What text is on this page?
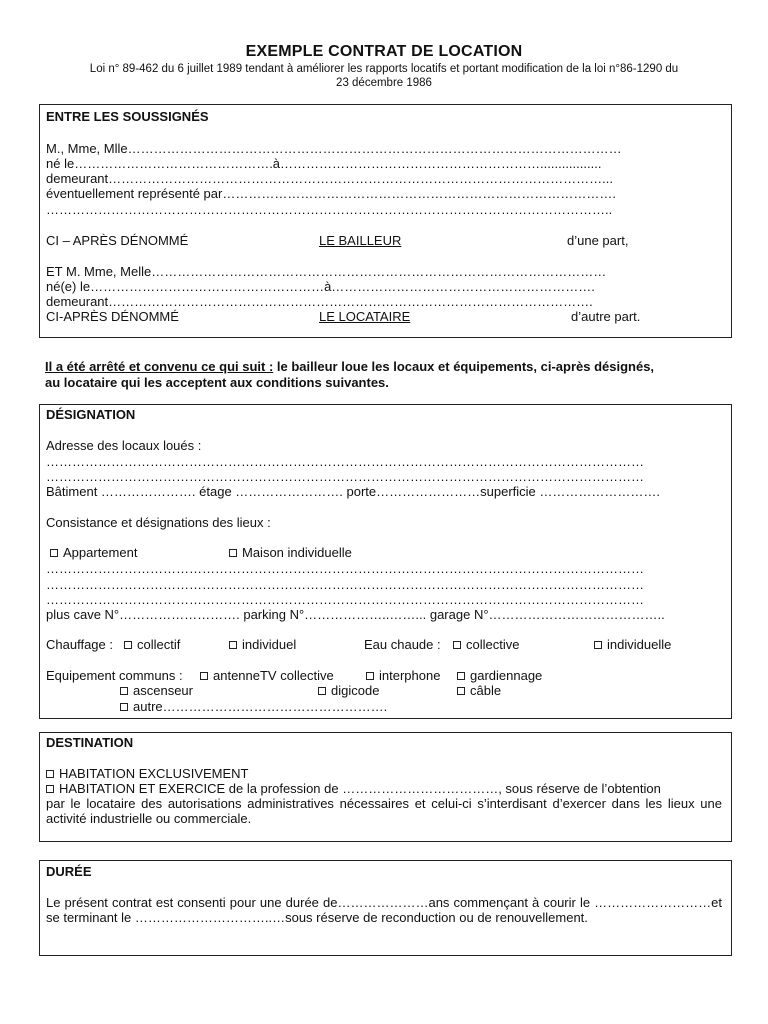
EXEMPLE CONTRAT DE LOCATION
Loi n° 89-462 du 6 juillet 1989 tendant à améliorer les rapports locatifs et portant modification de la loi n°86-1290 du
23 décembre 1986
ENTRE LES SOUSSIGNÉS
M., Mme, Mlle……………………………………………………………………………………………………
né le……………………………………….à…………………………………………………….................
demeurant……………………………………………………………………………………………………...
éventuellement représenté par……………………………………………………………………………….
…………………………………………………………………………………………………………………..
CI – APRÈS DÉNOMMÉ	LE BAILLEUR	d’une part,
ET M. Mme, Melle……………………………………………………………………………………………
né(e) le………………………………………………à…………………………………………………….
demeurant………………………………………………………………………………………………….
CI-APRÈS DÉNOMMÉ	LE LOCATAIRE	d’autre part.
Il a été arrêté et convenu ce qui suit : le bailleur loue les locaux et équipements, ci-après désignés,
au locataire qui les acceptent aux conditions suivantes.
DÉSIGNATION
Adresse des locaux loués :
…………………………………………………………………………………………………………………………
…………………………………………………………………………………………………………………………
Bâtiment …………………. étage ……………………. porte……………………superficie ……………………….
Consistance et désignations des lieux :
Appartement	Maison individuelle
…………………………………………………………………………………………………………………………
…………………………………………………………………………………………………………………………
…………………………………………………………………………………………………………………………
plus cave N°………………………. parking N°………………..……... garage N°…………………………………..
Chauffage :	collectif	individuel	Eau chaude :	collective	individuelle
Equipement communs :	antenneTV collective	interphone	gardiennage
ascenseur	digicode	câble
autre…………………………………………….
DESTINATION
HABITATION EXCLUSIVEMENT
HABITATION ET EXERCICE de la profession de ………………………………, sous réserve de l’obtention
par le locataire des autorisations administratives nécessaires et celui-ci s’interdisant d’exercer dans les lieux une activité industrielle ou commerciale.
DURÉE
Le présent contrat est consenti pour une durée de…………………ans commençant à courir le ………………………et se terminant le …………………………..…sous réserve de reconduction ou de renouvellement.
